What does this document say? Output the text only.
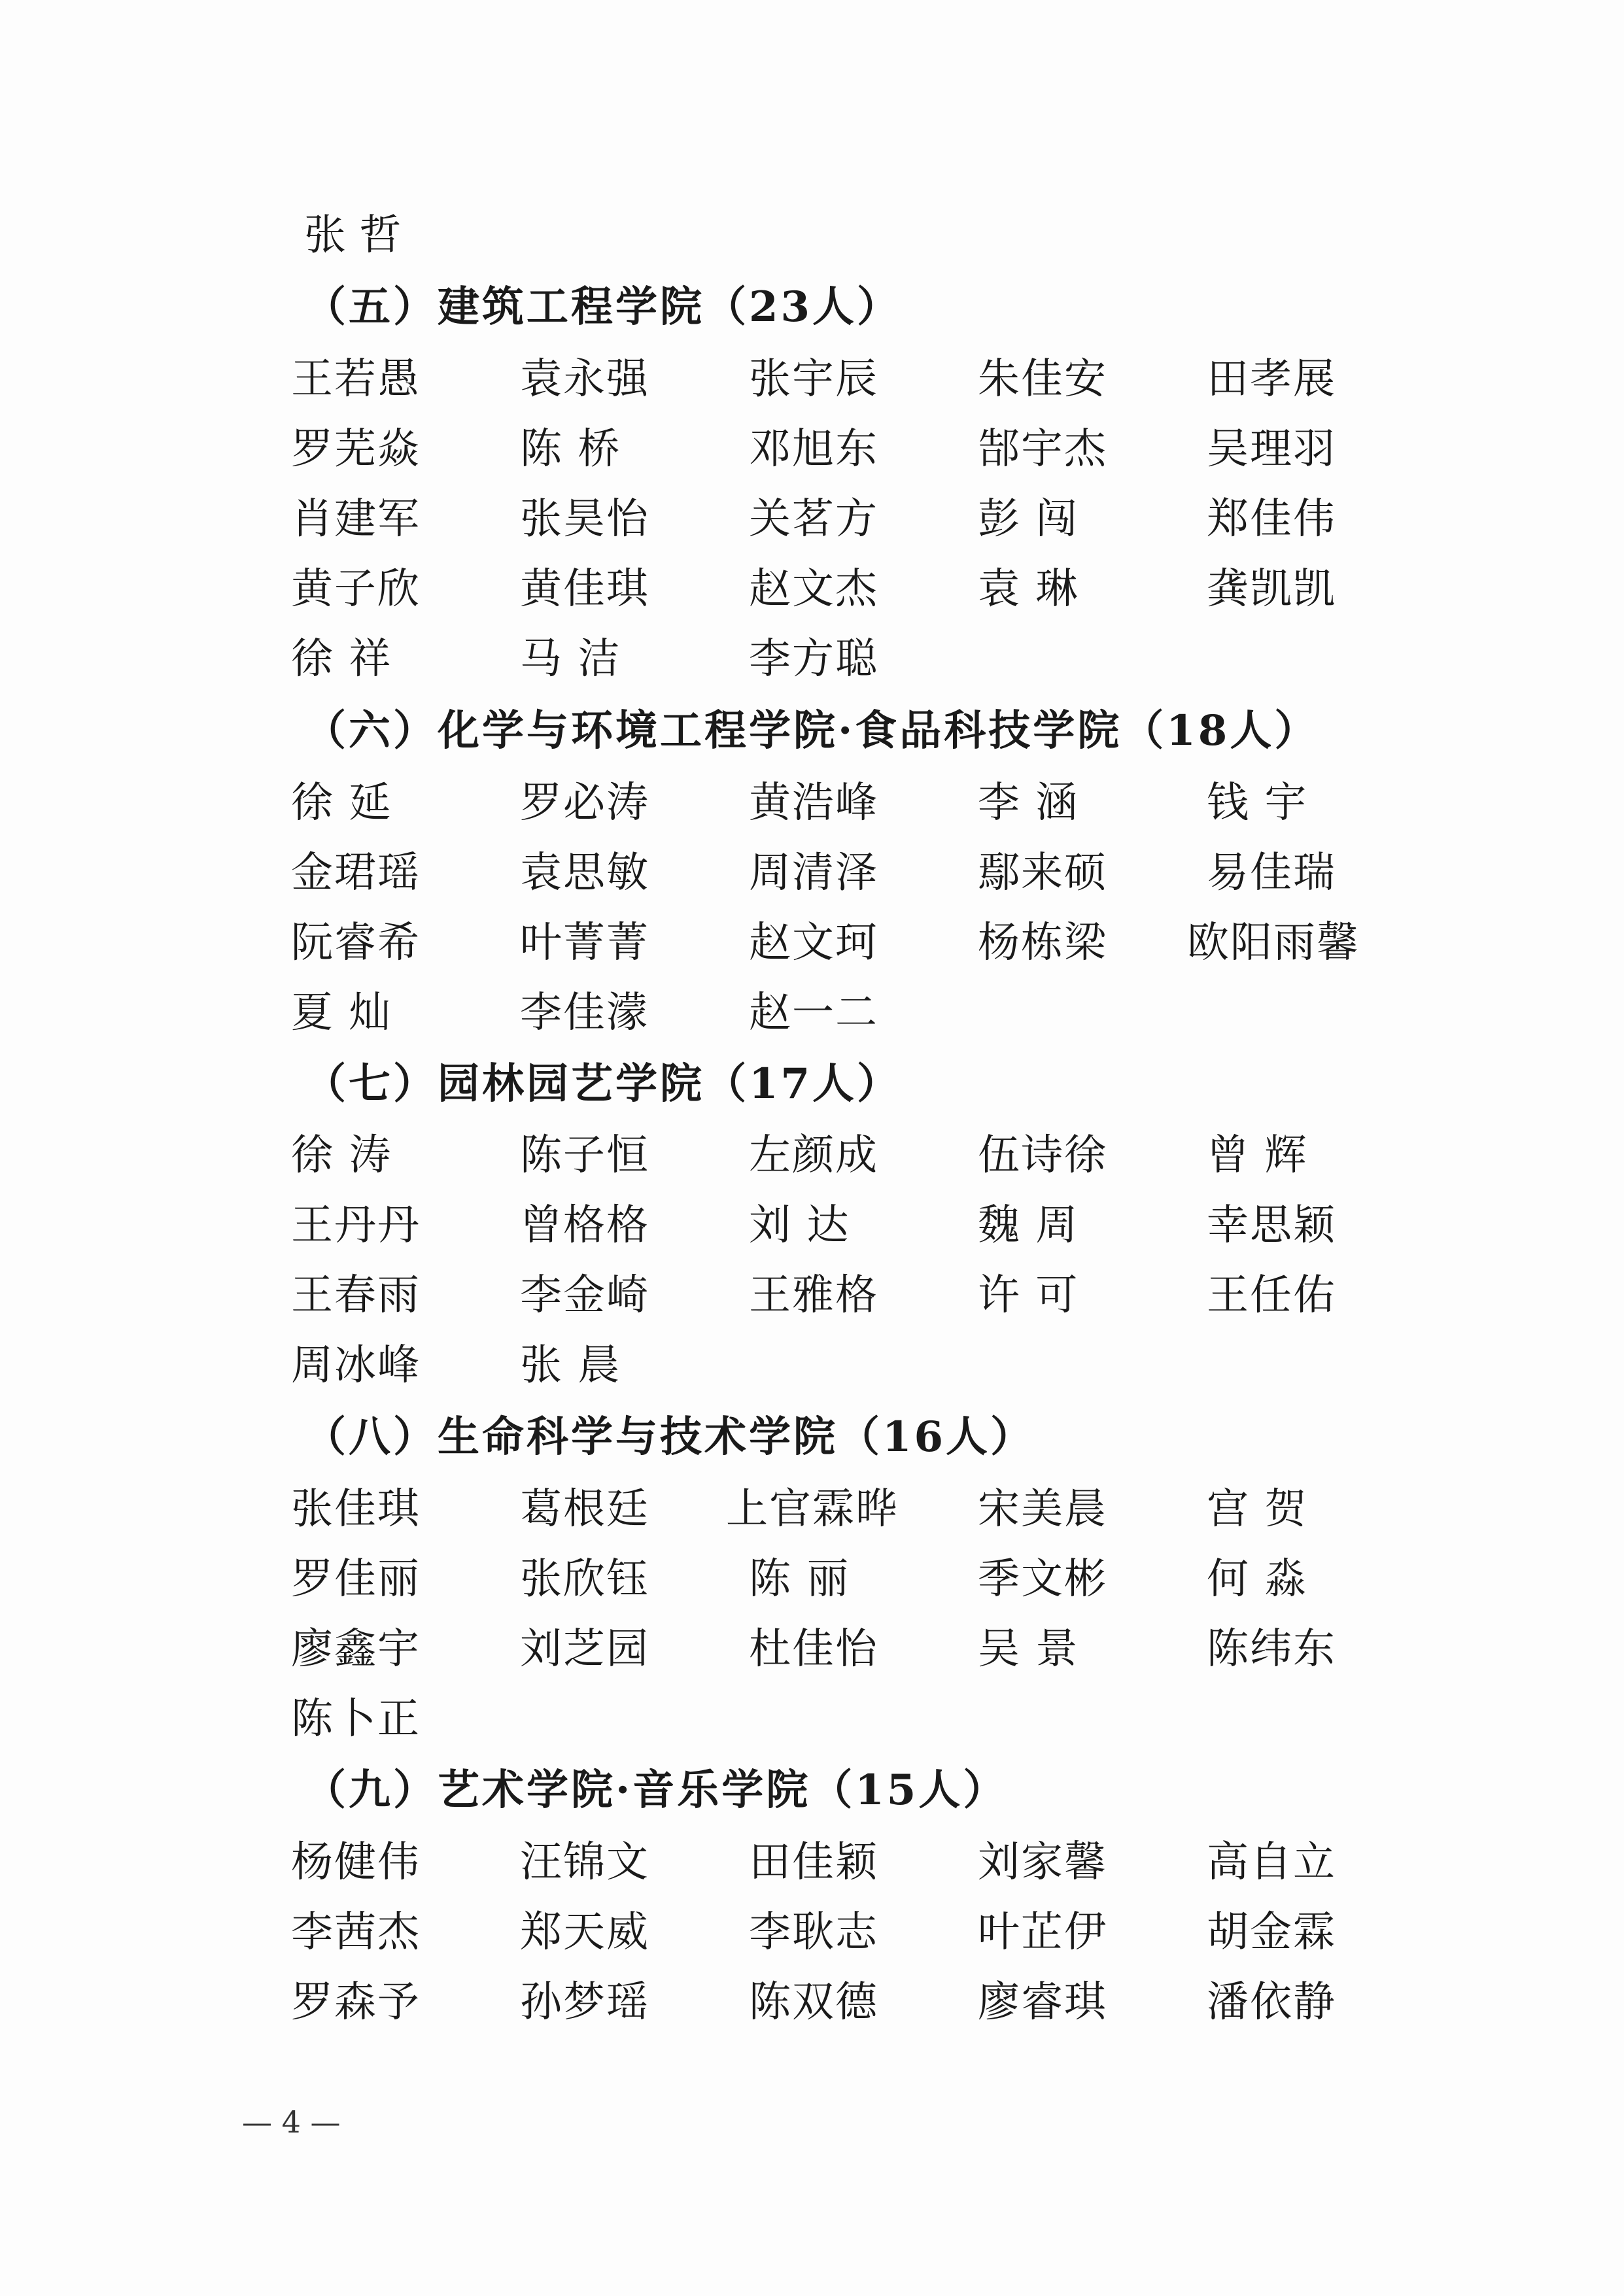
张 哲
（五）建筑工程学院（23人）
王若愚 袁永强 张宇辰 朱佳安 田孝展
罗芜焱 陈 桥	邓旭东 郜宇杰 吴理羽
肖建军 张昊怡 关茗方 彭 闯	郑佳伟
黄子欣 黄佳琪 赵文杰 袁 琳	龚凯凯
徐 祥	马 洁	李方聪
（六）化学与环境工程学院·食品科技学院（18人）
徐 延	罗必涛 黄浩峰 李 涵	钱 宇
金珺瑶 袁思敏 周清泽 鄢来硕 易佳瑞
阮睿希 叶菁菁 赵文珂 杨栋梁 欧阳雨馨
夏 灿	李佳濛 赵一二
（七）园林园艺学院（17人）
徐 涛	陈子恒 左颜成 伍诗徐 曾 辉
王丹丹 曾格格 刘 达	魏 周	幸思颖
王春雨 李金崎 王雅格 许 可	王任佑
周冰峰 张 晨
（八）生命科学与技术学院（16人）
张佳琪 葛根廷 上官霖晔 宋美晨 宫 贺
罗佳丽 张欣钰 陈 丽	季文彬 何 淼
廖鑫宇 刘芝园 杜佳怡 吴 景	陈纬东
陈卜正
（九）艺术学院·音乐学院（15人）
杨健伟 汪锦文 田佳颖 刘家馨 高自立
李茜杰 郑天威 李耿志 叶芷伊 胡金霖
罗森予 孙梦瑶 陈双德 廖睿琪 潘依静
— 4 —
